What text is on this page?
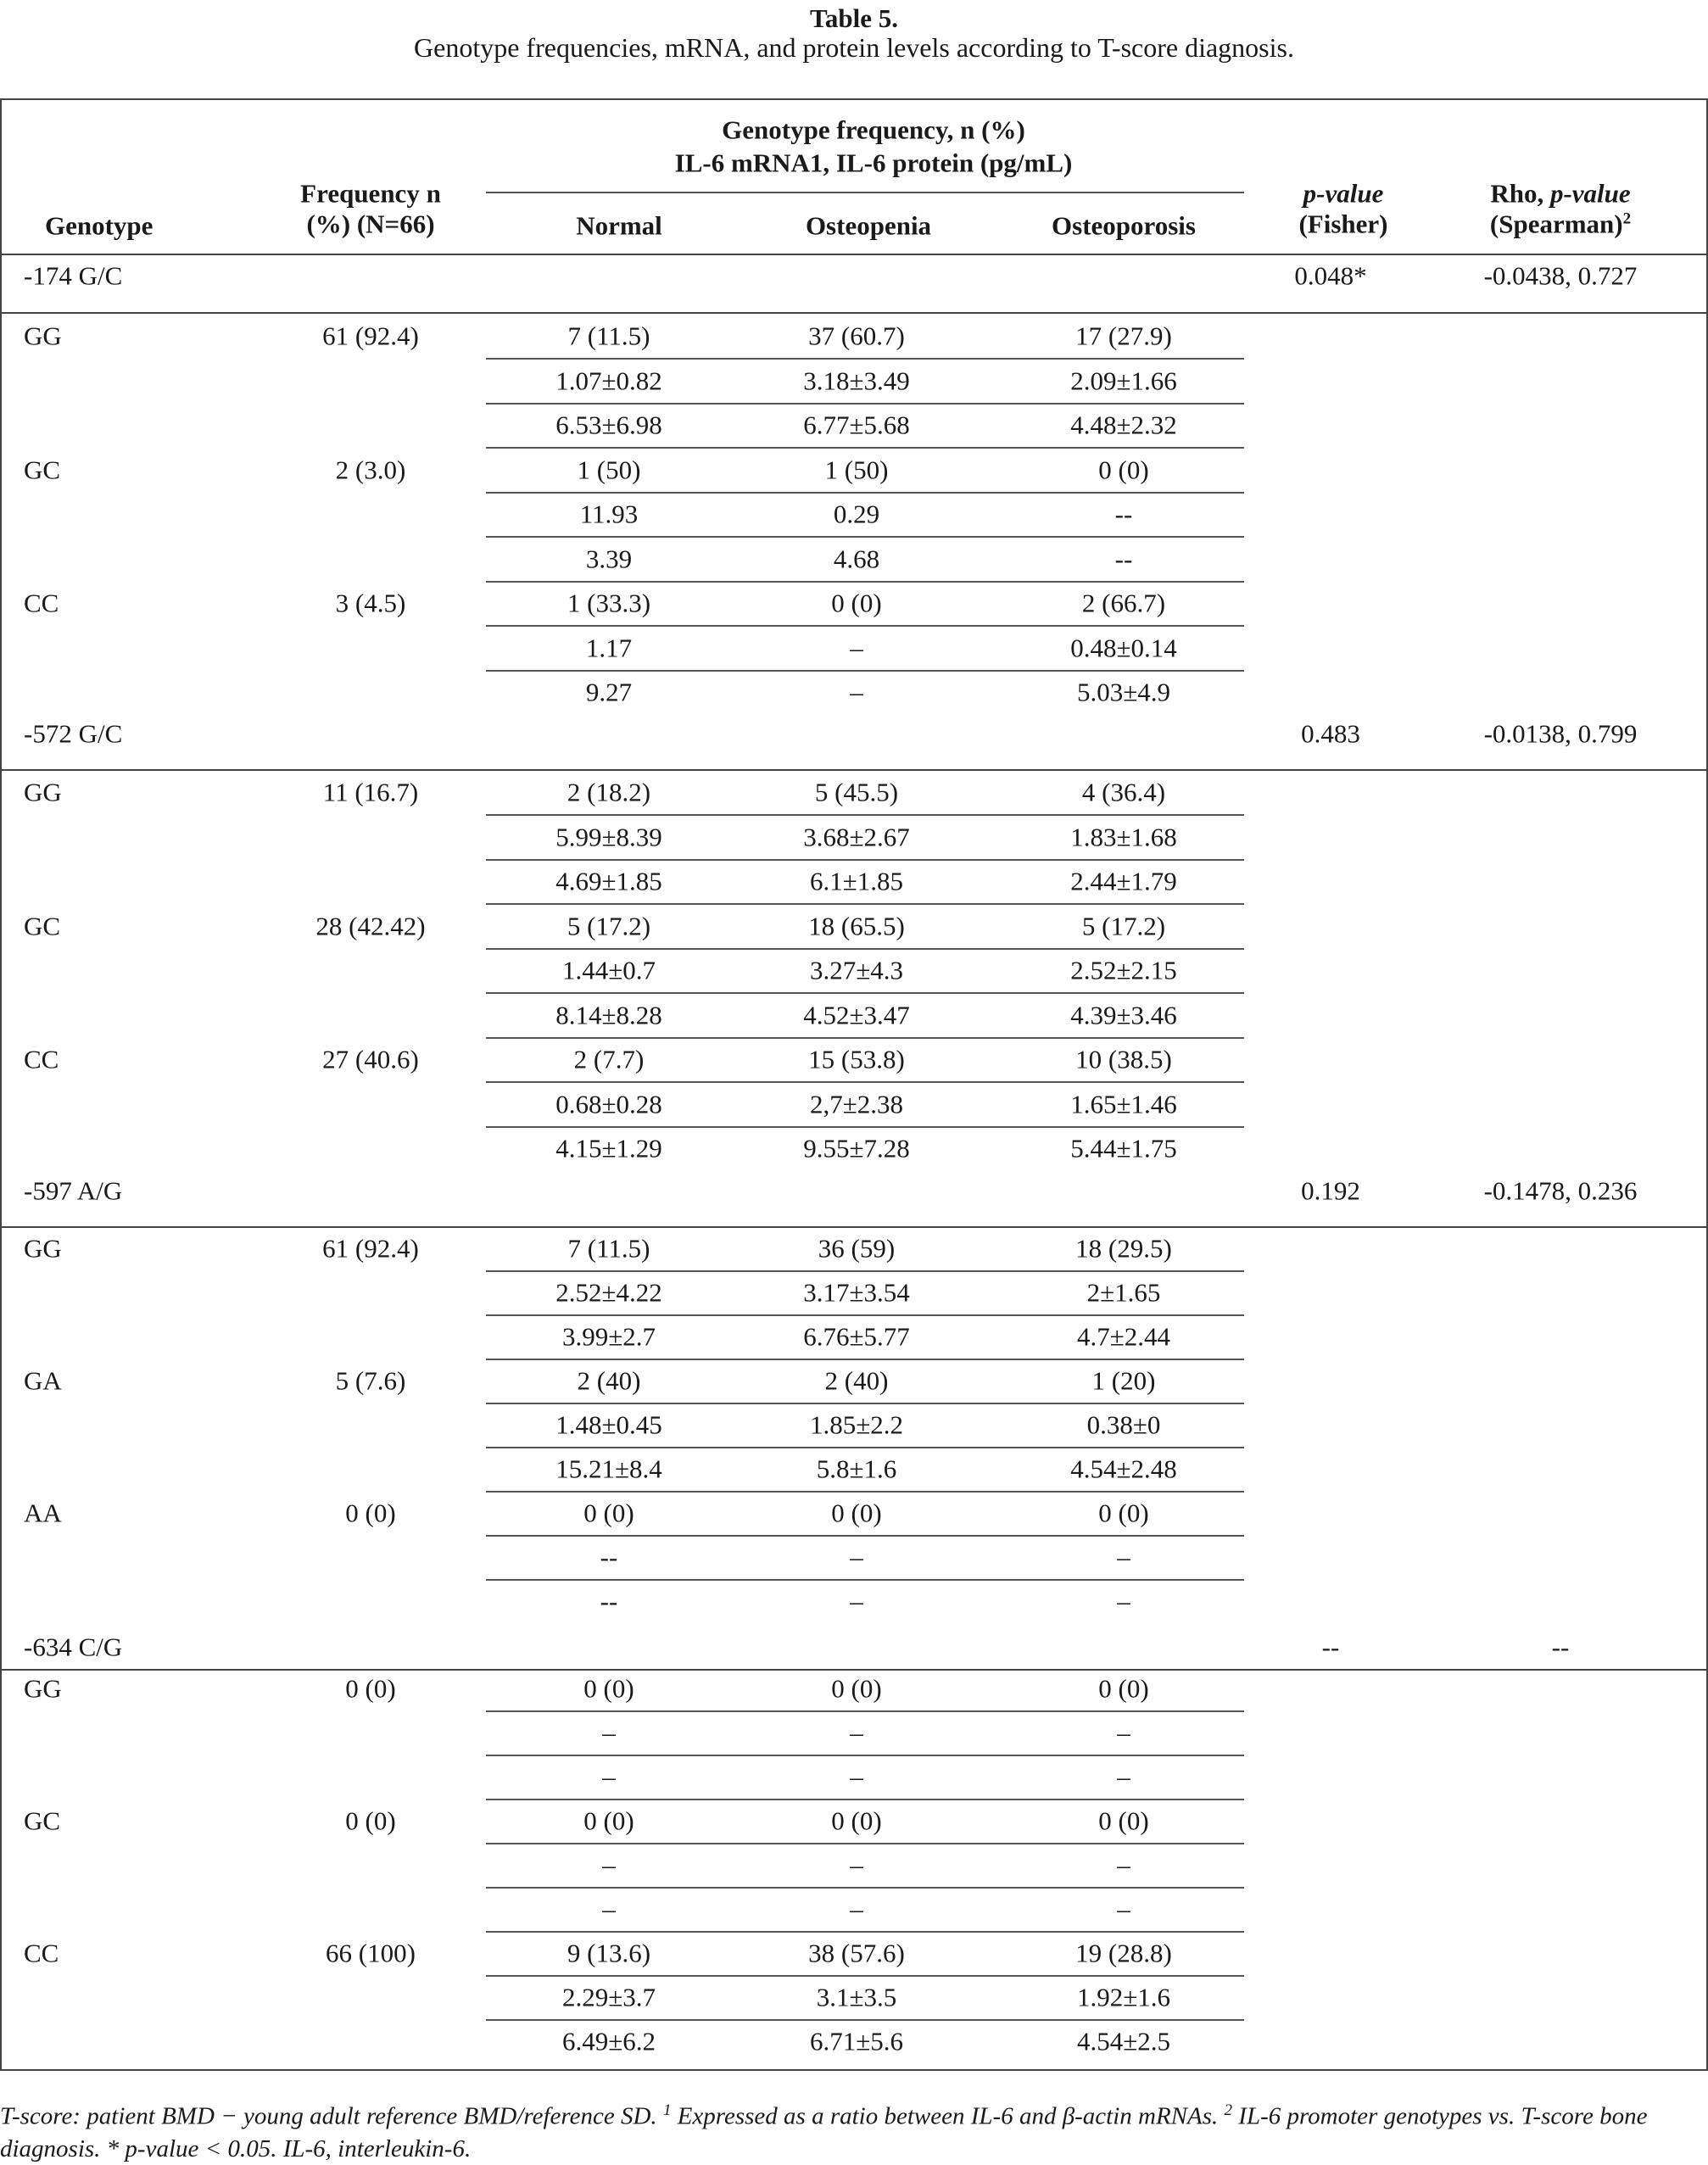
Table 5.
Genotype frequencies, mRNA, and protein levels according to T-score diagnosis.
Genotype frequency, n (%)
IL-6 mRNA1, IL-6 protein (pg/mL)
Frequency n
(%) (N=66)
p-value
(Fisher)
Rho, p-value
(Spearman)$^2$
Genotype	Normal	Osteopenia	Osteoporosis
-174 G/C	0.048*	-0.0438, 0.727
GG	61 (92.4)	7 (11.5)	37 (60.7)	17 (27.9)
1.07±0.82	3.18±3.49	2.09±1.66
6.53±6.98	6.77±5.68	4.48±2.32
GC	2 (3.0)	1 (50)	1 (50)	0 (0)
11.93	0.29	--
3.39	4.68	--
CC	3 (4.5)	1 (33.3)	0 (0)	2 (66.7)
1.17	–	0.48±0.14
9.27	–	5.03±4.9
-572 G/C	0.483	-0.0138, 0.799
GG	11 (16.7)	2 (18.2)	5 (45.5)	4 (36.4)
5.99±8.39	3.68±2.67	1.83±1.68
4.69±1.85	6.1±1.85	2.44±1.79
GC	28 (42.42)	5 (17.2)	18 (65.5)	5 (17.2)
1.44±0.7	3.27±4.3	2.52±2.15
8.14±8.28	4.52±3.47	4.39±3.46
CC	27 (40.6)	2 (7.7)	15 (53.8)	10 (38.5)
0.68±0.28	2,7±2.38	1.65±1.46
4.15±1.29	9.55±7.28	5.44±1.75
-597 A/G	0.192	-0.1478, 0.236
GG	61 (92.4)	7 (11.5)	36 (59)	18 (29.5)
2.52±4.22	3.17±3.54	2±1.65
3.99±2.7	6.76±5.77	4.7±2.44
GA	5 (7.6)	2 (40)	2 (40)	1 (20)
1.48±0.45	1.85±2.2	0.38±0
15.21±8.4	5.8±1.6	4.54±2.48
AA	0 (0)	0 (0)	0 (0)	0 (0)
--	–	–
--	–	–
-634 C/G	--	--
GG	0 (0)	0 (0)	0 (0)	0 (0)
–	–	–
–	–	–
GC	0 (0)	0 (0)	0 (0)	0 (0)
–	–	–
–	–	–
CC	66 (100)	9 (13.6)	38 (57.6)	19 (28.8)
2.29±3.7	3.1±3.5	1.92±1.6
6.49±6.2	6.71±5.6	4.54±2.5
T-score: patient BMD − young adult reference BMD/reference SD. $^1$ Expressed as a ratio between IL-6 and β-actin mRNAs. $^2$ IL-6 promoter genotypes vs. T-score bone diagnosis. * p-value < 0.05. IL-6, interleukin-6.
